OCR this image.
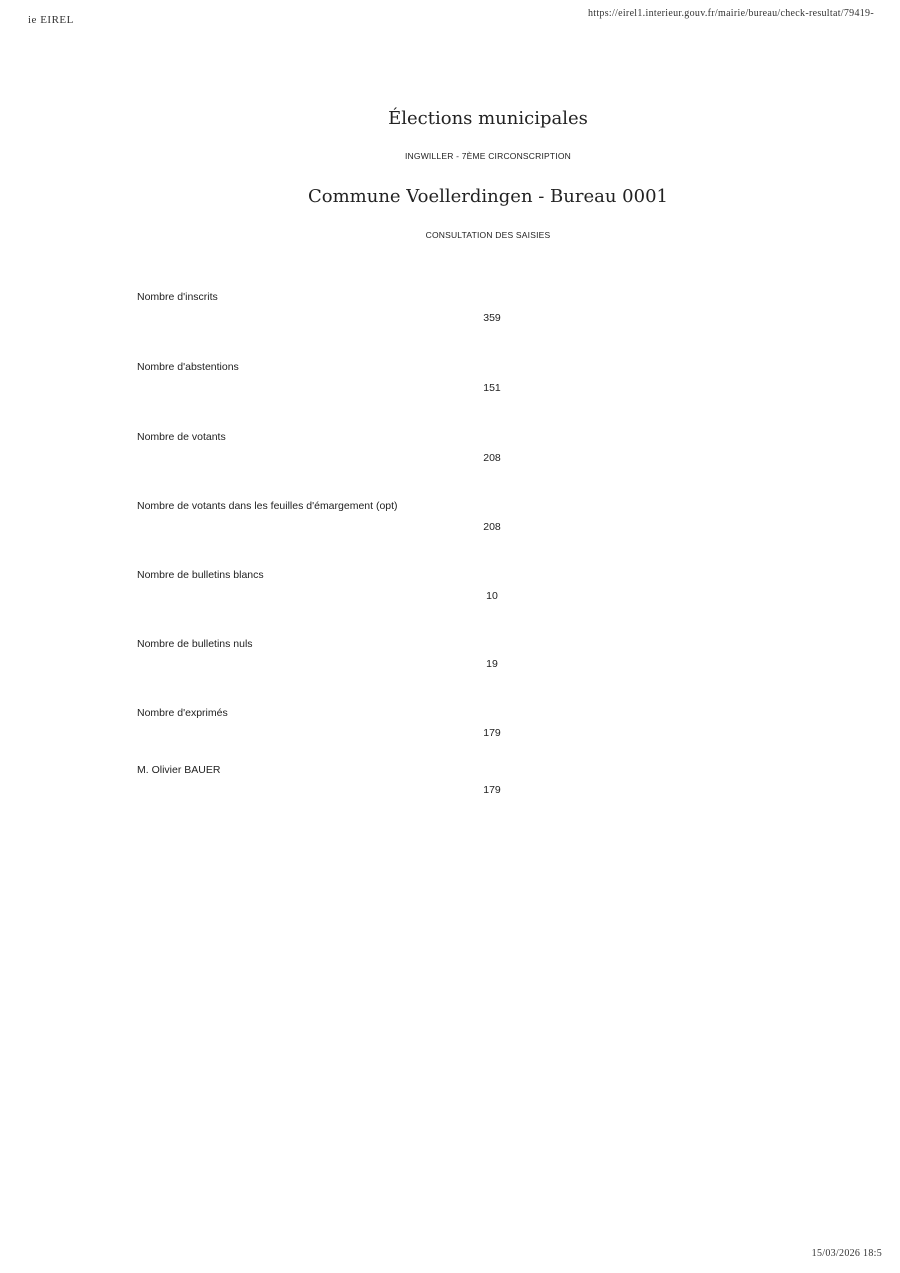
ie EIREL
https://eirel1.interieur.gouv.fr/mairie/bureau/check-resultat/79419-
Élections municipales
INGWILLER - 7ÈME CIRCONSCRIPTION
Commune Voellerdingen - Bureau 0001
CONSULTATION DES SAISIES
Nombre d'inscrits
359
Nombre d'abstentions
151
Nombre de votants
208
Nombre de votants dans les feuilles d'émargement (opt)
208
Nombre de bulletins blancs
10
Nombre de bulletins nuls
19
Nombre d'exprimés
179
M. Olivier BAUER
179
15/03/2026 18:5
